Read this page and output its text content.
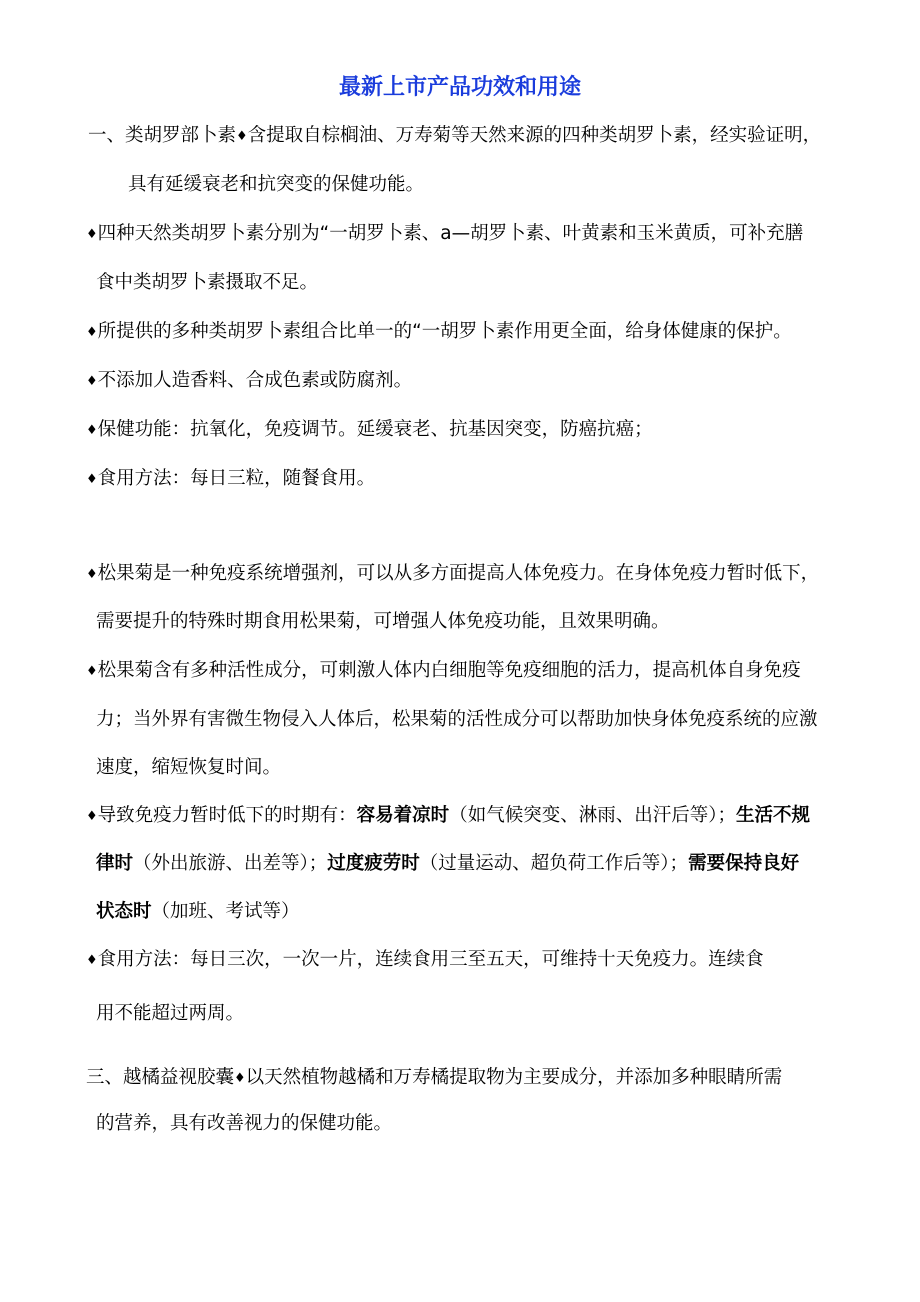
最新上市产品功效和用途
一、类胡罗部卜素♦含提取自棕榈油、万寿菊等天然来源的四种类胡罗卜素，经实验证明，
具有延缓衰老和抗突变的保健功能。
♦四种天然类胡罗卜素分别为“一胡罗卜素、a—胡罗卜素、叶黄素和玉米黄质，可补充膳
食中类胡罗卜素摄取不足。
♦所提供的多种类胡罗卜素组合比单一的“一胡罗卜素作用更全面，给身体健康的保护。
♦不添加人造香料、合成色素或防腐剂。
♦保健功能：抗氧化，免疫调节。延缓衰老、抗基因突变，防癌抗癌；
♦食用方法：每日三粒，随餐食用。
♦松果菊是一种免疫系统增强剂，可以从多方面提高人体免疫力。在身体免疫力暂时低下，
需要提升的特殊时期食用松果菊，可增强人体免疫功能，且效果明确。
♦松果菊含有多种活性成分，可刺激人体内白细胞等免疫细胞的活力，提高机体自身免疫
力；当外界有害微生物侵入人体后，松果菊的活性成分可以帮助加快身体免疫系统的应激
速度，缩短恢复时间。
♦导致免疫力暂时低下的时期有：容易着凉时（如气候突变、淋雨、出汗后等）；生活不规
律时（外出旅游、出差等）；过度疲劳时（过量运动、超负荷工作后等）；需要保持良好
状态时（加班、考试等）
♦食用方法：每日三次，一次一片，连续食用三至五天，可维持十天免疫力。连续食
用不能超过两周。
三、越橘益视胶囊♦以天然植物越橘和万寿橘提取物为主要成分，并添加多种眼睛所需
的营养，具有改善视力的保健功能。
